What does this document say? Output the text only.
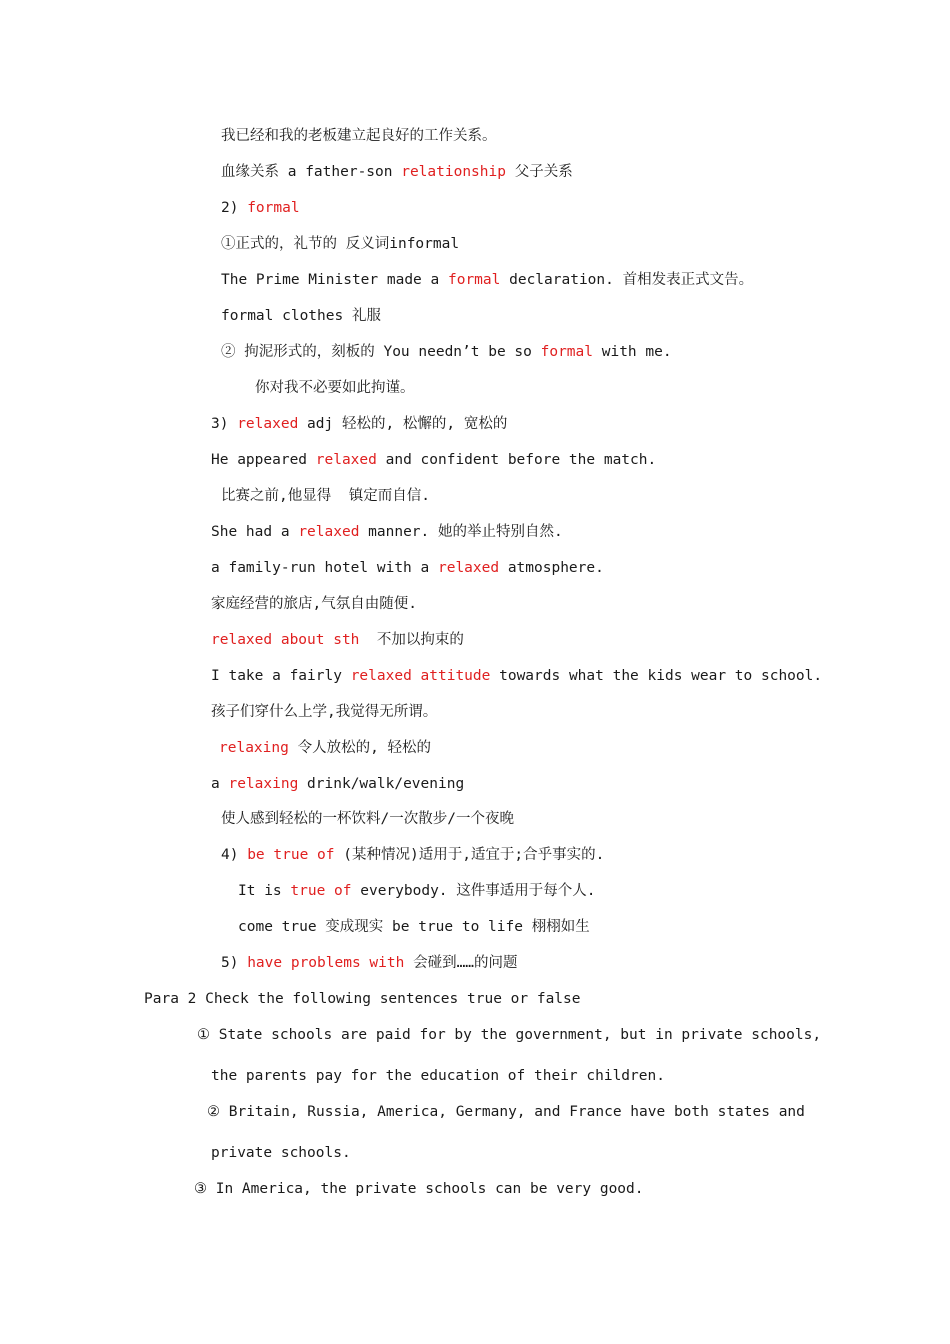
我已经和我的老板建立起良好的工作关系。
血缘关系 a father-son relationship 父子关系
2) formal
①正式的，礼节的 反义词informal
The Prime Minister made a formal declaration. 首相发表正式文告。
formal clothes 礼服
② 拘泥形式的，刻板的 You needn’t be so formal with me.
你对我不必要如此拘谨。
3) relaxed adj 轻松的, 松懈的, 宽松的
He appeared relaxed and confident before the match.
比赛之前,他显得  镇定而自信.
She had a relaxed manner. 她的举止特别自然.
a family-run hotel with a relaxed atmosphere.
家庭经营的旅店,气氛自由随便.
relaxed about sth  不加以拘束的
I take a fairly relaxed attitude towards what the kids wear to school.
孩子们穿什么上学,我觉得无所谓。
relaxing 令人放松的, 轻松的
a relaxing drink/walk/evening
使人感到轻松的一杯饮料/一次散步/一个夜晚
4) be true of (某种情况)适用于,适宜于;合乎事实的.
It is true of everybody. 这件事适用于每个人.
come true 变成现实 be true to life 栩栩如生
5) have problems with 会碰到……的问题
Para 2 Check the following sentences true or false
① State schools are paid for by the government, but in private schools,
the parents pay for the education of their children.
② Britain, Russia, America, Germany, and France have both states and
private schools.
③ In America, the private schools can be very good.
